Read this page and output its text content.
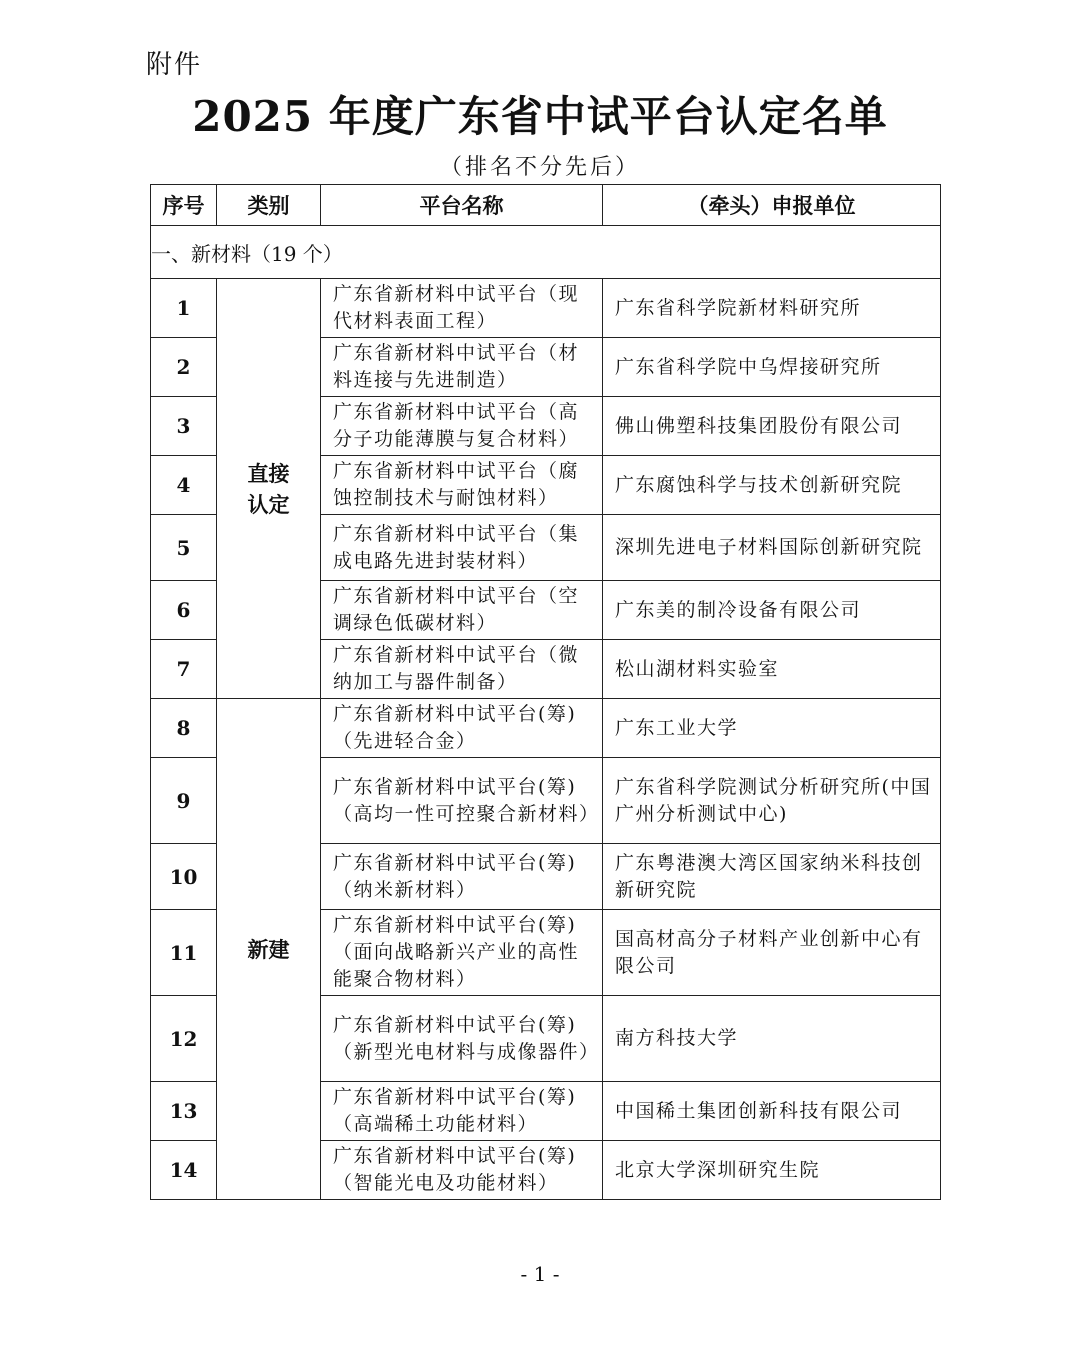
附件
2025 年度广东省中试平台认定名单
（排名不分先后）
序号	类别	平台名称	（牵头）申报单位
一、新材料（19 个）			
1	直接认定	广东省新材料中试平台（现代材料表面工程）	广东省科学院新材料研究所
2		广东省新材料中试平台（材料连接与先进制造）	广东省科学院中乌焊接研究所
3		广东省新材料中试平台（高分子功能薄膜与复合材料）	佛山佛塑科技集团股份有限公司
4		广东省新材料中试平台（腐蚀控制技术与耐蚀材料）	广东腐蚀科学与技术创新研究院
5		广东省新材料中试平台（集成电路先进封装材料）	深圳先进电子材料国际创新研究院
6		广东省新材料中试平台（空调绿色低碳材料）	广东美的制冷设备有限公司
7		广东省新材料中试平台（微纳加工与器件制备）	松山湖材料实验室
8	新建	广东省新材料中试平台(筹)（先进轻合金）	广东工业大学
9		广东省新材料中试平台(筹)（高均一性可控聚合新材料）	广东省科学院测试分析研究所(中国广州分析测试中心)
10		广东省新材料中试平台(筹)（纳米新材料）	广东粤港澳大湾区国家纳米科技创新研究院
11		广东省新材料中试平台(筹)（面向战略新兴产业的高性能聚合物材料）	国高材高分子材料产业创新中心有限公司
12		广东省新材料中试平台(筹)（新型光电材料与成像器件）	南方科技大学
13		广东省新材料中试平台(筹)（高端稀土功能材料）	中国稀土集团创新科技有限公司
14		广东省新材料中试平台(筹)（智能光电及功能材料）	北京大学深圳研究生院
- 1 -
